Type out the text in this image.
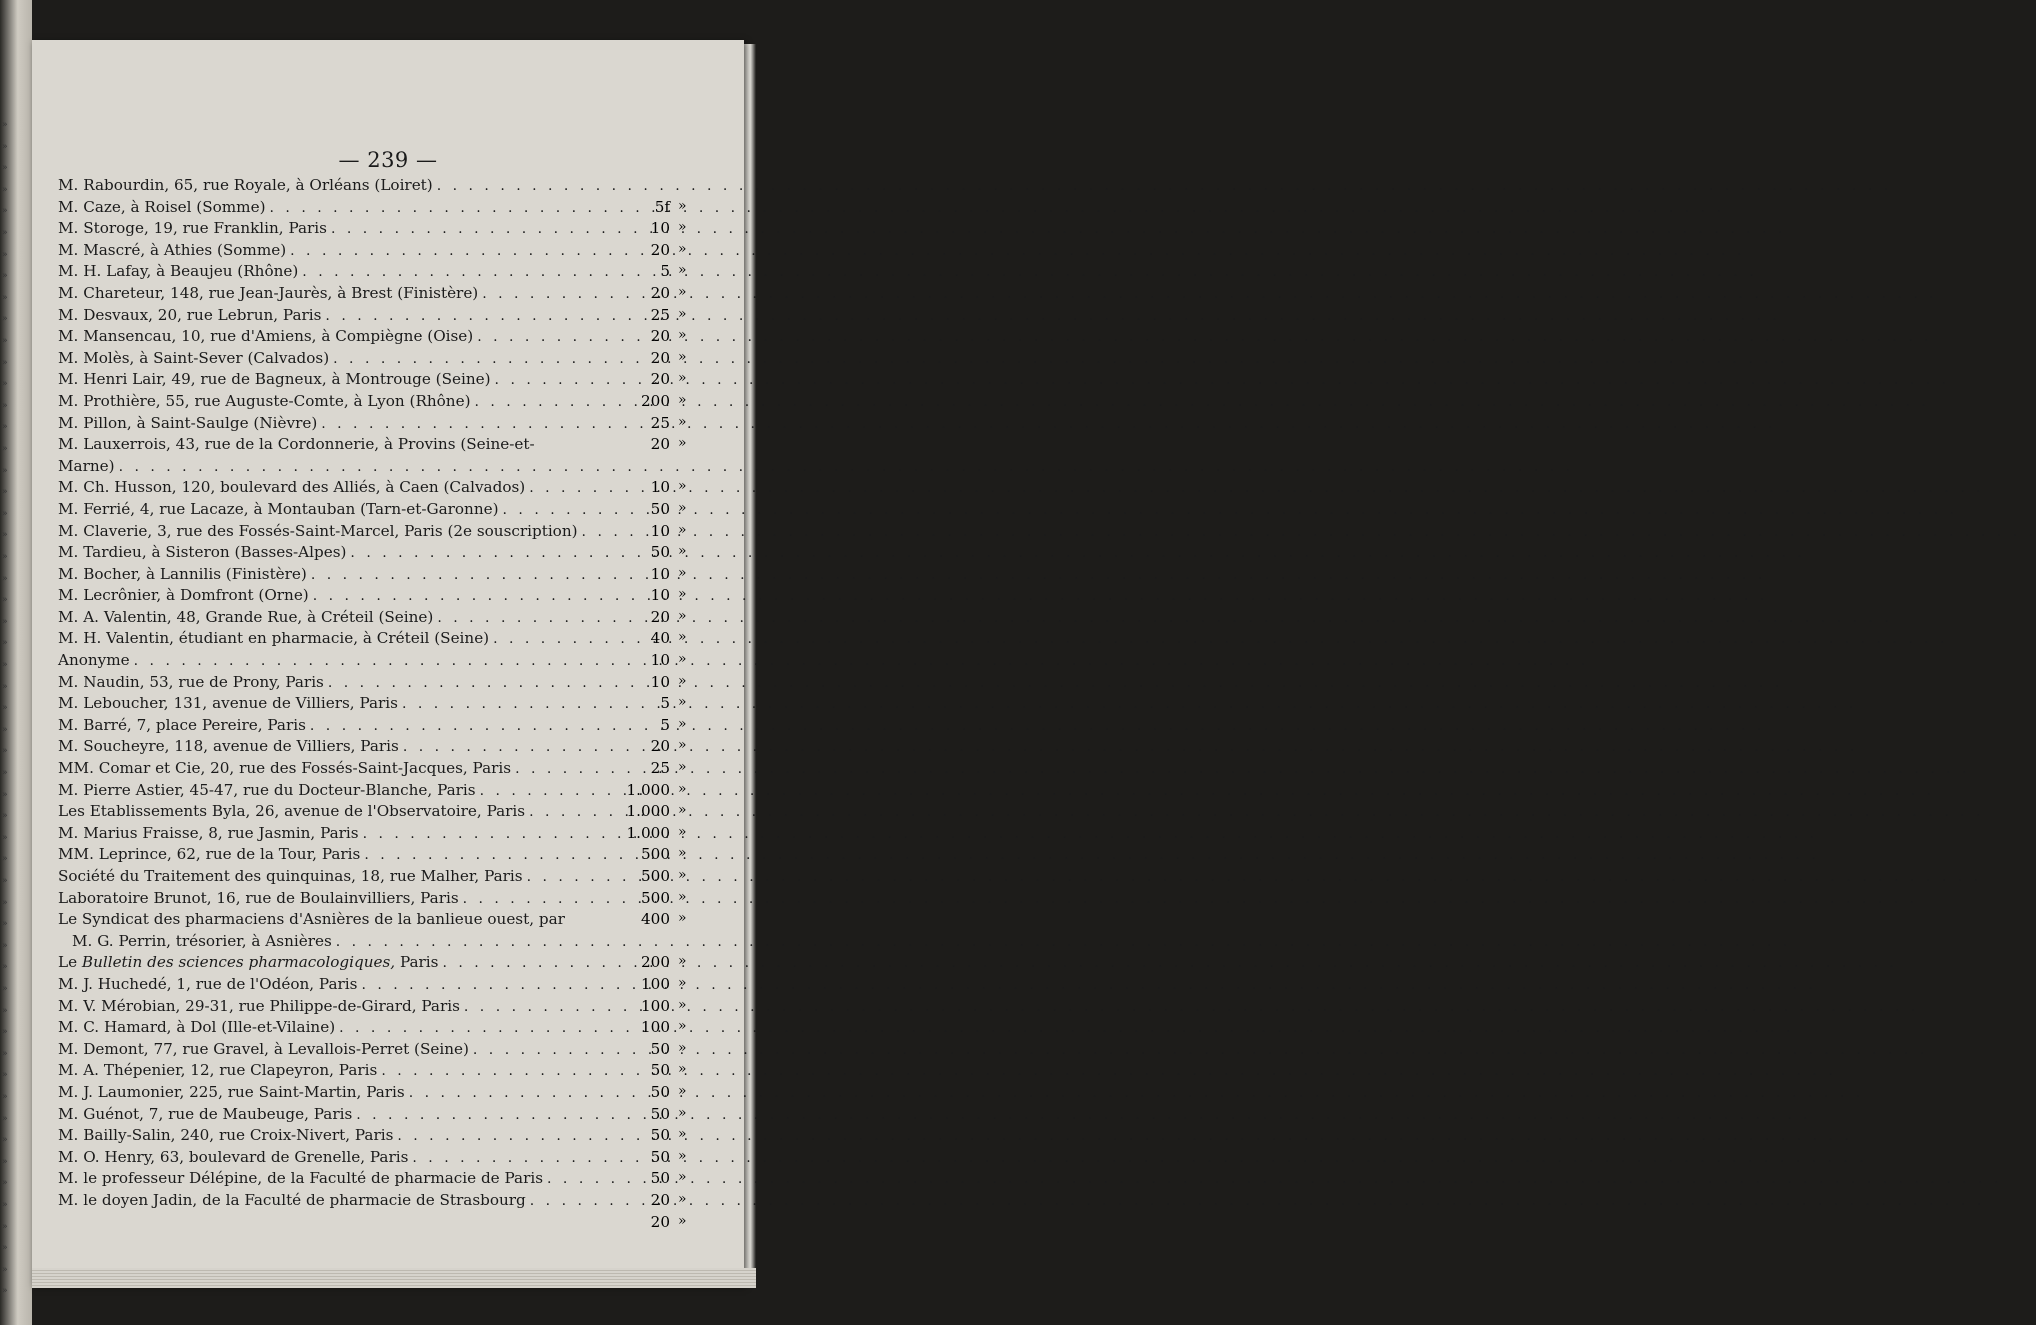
»
»
»
»
»
»
»
»
»
»
»
»
»
»
»
»
»
»
»
»
»
»
»
»
»
»
»
»
»
»
»
»
»
»
»
»
»
»
»
»
»
»
»
»
»
»
»
»
»
»
»
»
»
»
»
— 239 —
M. Rabourdin, 65, rue Royale, à Orléans (Loiret)
. . .
5f »
M. Caze, à Roisel (Somme)
. . .
10 »
M. Storoge, 19, rue Franklin, Paris
. . .
20 »
M. Mascré, à Athies (Somme)
. . .
5 »
M. H. Lafay, à Beaujeu (Rhône)
. . .
20 »
M. Chareteur, 148, rue Jean-Jaurès, à Brest (Finistère)
. . .
25 »
M. Desvaux, 20, rue Lebrun, Paris
. . .
20 »
M. Mansencau, 10, rue d'Amiens, à Compiègne (Oise)
. . .
20 »
M. Molès, à Saint-Sever (Calvados)
. . .
20 »
M. Henri Lair, 49, rue de Bagneux, à Montrouge (Seine)
. . .
200 »
M. Prothière, 55, rue Auguste-Comte, à Lyon (Rhône)
. . .
25 »
M. Pillon, à Saint-Saulge (Nièvre)
. . .
20 »
M. Lauxerrois, 43, rue de la Cordonnerie, à Provins (Seine-et-
Marne)
. . .
10 »
M. Ch. Husson, 120, boulevard des Alliés, à Caen (Calvados)
. . .
50 »
M. Ferrié, 4, rue Lacaze, à Montauban (Tarn-et-Garonne)
. . .
10 »
M. Claverie, 3, rue des Fossés-Saint-Marcel, Paris (2e souscription)
. . .
50 »
M. Tardieu, à Sisteron (Basses-Alpes)
. . .
10 »
M. Bocher, à Lannilis (Finistère)
. . .
10 »
M. Lecrônier, à Domfront (Orne)
. . .
20 »
M. A. Valentin, 48, Grande Rue, à Créteil (Seine)
. . .
40 »
M. H. Valentin, étudiant en pharmacie, à Créteil (Seine)
. . .
10 »
Anonyme
. . .
10 »
M. Naudin, 53, rue de Prony, Paris
. . .
5 »
M. Leboucher, 131, avenue de Villiers, Paris
. . .
5 »
M. Barré, 7, place Pereire, Paris
. . .
20 »
M. Soucheyre, 118, avenue de Villiers, Paris
. . .
25 »
MM. Comar et Cie, 20, rue des Fossés-Saint-Jacques, Paris
. . .
1.000 »
M. Pierre Astier, 45-47, rue du Docteur-Blanche, Paris
. . .
1.000 »
Les Etablissements Byla, 26, avenue de l'Observatoire, Paris
. . .
1.000 »
M. Marius Fraisse, 8, rue Jasmin, Paris
. . .
500 »
MM. Leprince, 62, rue de la Tour, Paris
. . .
500 »
Société du Traitement des quinquinas, 18, rue Malher, Paris
. . .
500 »
Laboratoire Brunot, 16, rue de Boulainvilliers, Paris
. . .
400 »
Le Syndicat des pharmaciens d'Asnières de la banlieue ouest, par
M. G. Perrin, trésorier, à Asnières
. . .
200 »
Le Bulletin des sciences pharmacologiques, Paris
. . .
100 »
M. J. Huchedé, 1, rue de l'Odéon, Paris
. . .
100 »
M. V. Mérobian, 29-31, rue Philippe-de-Girard, Paris
. . .
100 »
M. C. Hamard, à Dol (Ille-et-Vilaine)
. . .
50 »
M. Demont, 77, rue Gravel, à Levallois-Perret (Seine)
. . .
50 »
M. A. Thépenier, 12, rue Clapeyron, Paris
. . .
50 »
M. J. Laumonier, 225, rue Saint-Martin, Paris
. . .
50 »
M. Guénot, 7, rue de Maubeuge, Paris
. . .
50 »
M. Bailly-Salin, 240, rue Croix-Nivert, Paris
. . .
50 »
M. O. Henry, 63, boulevard de Grenelle, Paris
. . .
50 »
M. le professeur Délépine, de la Faculté de pharmacie de Paris
. . .
20 »
M. le doyen Jadin, de la Faculté de pharmacie de Strasbourg
. . .
20 »
